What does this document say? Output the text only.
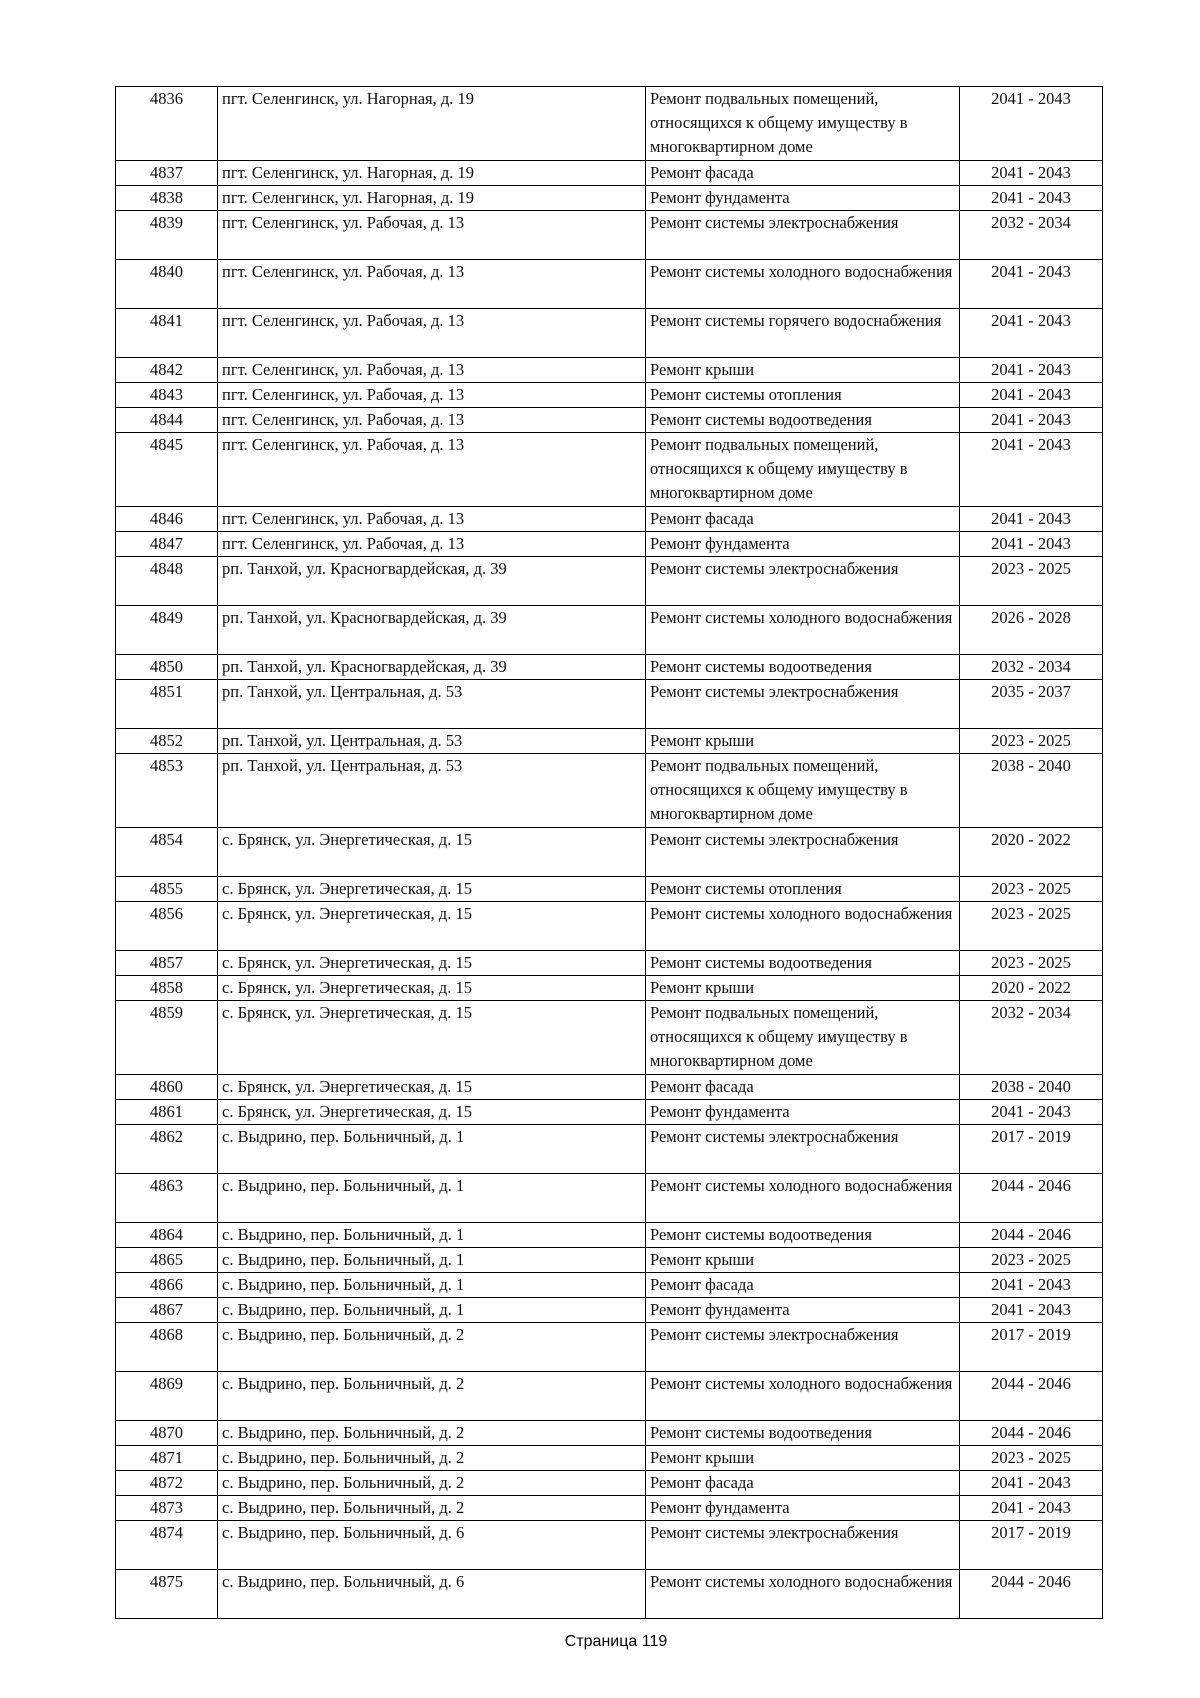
4836	пгт. Селенгинск, ул. Нагорная, д. 19	Ремонт подвальных помещений, относящихся к общему имуществу в многоквартирном доме	2041 - 2043
4837	пгт. Селенгинск, ул. Нагорная, д. 19	Ремонт фасада	2041 - 2043
4838	пгт. Селенгинск, ул. Нагорная, д. 19	Ремонт фундамента	2041 - 2043
4839	пгт. Селенгинск, ул. Рабочая, д. 13	Ремонт системы электроснабжения	2032 - 2034
4840	пгт. Селенгинск, ул. Рабочая, д. 13	Ремонт системы холодного водоснабжения	2041 - 2043
4841	пгт. Селенгинск, ул. Рабочая, д. 13	Ремонт системы горячего водоснабжения	2041 - 2043
4842	пгт. Селенгинск, ул. Рабочая, д. 13	Ремонт крыши	2041 - 2043
4843	пгт. Селенгинск, ул. Рабочая, д. 13	Ремонт системы отопления	2041 - 2043
4844	пгт. Селенгинск, ул. Рабочая, д. 13	Ремонт системы водоотведения	2041 - 2043
4845	пгт. Селенгинск, ул. Рабочая, д. 13	Ремонт подвальных помещений, относящихся к общему имуществу в многоквартирном доме	2041 - 2043
4846	пгт. Селенгинск, ул. Рабочая, д. 13	Ремонт фасада	2041 - 2043
4847	пгт. Селенгинск, ул. Рабочая, д. 13	Ремонт фундамента	2041 - 2043
4848	рп. Танхой, ул. Красногвардейская, д. 39	Ремонт системы электроснабжения	2023 - 2025
4849	рп. Танхой, ул. Красногвардейская, д. 39	Ремонт системы холодного водоснабжения	2026 - 2028
4850	рп. Танхой, ул. Красногвардейская, д. 39	Ремонт системы водоотведения	2032 - 2034
4851	рп. Танхой, ул. Центральная, д. 53	Ремонт системы электроснабжения	2035 - 2037
4852	рп. Танхой, ул. Центральная, д. 53	Ремонт крыши	2023 - 2025
4853	рп. Танхой, ул. Центральная, д. 53	Ремонт подвальных помещений, относящихся к общему имуществу в многоквартирном доме	2038 - 2040
4854	с. Брянск, ул. Энергетическая, д. 15	Ремонт системы электроснабжения	2020 - 2022
4855	с. Брянск, ул. Энергетическая, д. 15	Ремонт системы отопления	2023 - 2025
4856	с. Брянск, ул. Энергетическая, д. 15	Ремонт системы холодного водоснабжения	2023 - 2025
4857	с. Брянск, ул. Энергетическая, д. 15	Ремонт системы водоотведения	2023 - 2025
4858	с. Брянск, ул. Энергетическая, д. 15	Ремонт крыши	2020 - 2022
4859	с. Брянск, ул. Энергетическая, д. 15	Ремонт подвальных помещений, относящихся к общему имуществу в многоквартирном доме	2032 - 2034
4860	с. Брянск, ул. Энергетическая, д. 15	Ремонт фасада	2038 - 2040
4861	с. Брянск, ул. Энергетическая, д. 15	Ремонт фундамента	2041 - 2043
4862	с. Выдрино, пер. Больничный, д. 1	Ремонт системы электроснабжения	2017 - 2019
4863	с. Выдрино, пер. Больничный, д. 1	Ремонт системы холодного водоснабжения	2044 - 2046
4864	с. Выдрино, пер. Больничный, д. 1	Ремонт системы водоотведения	2044 - 2046
4865	с. Выдрино, пер. Больничный, д. 1	Ремонт крыши	2023 - 2025
4866	с. Выдрино, пер. Больничный, д. 1	Ремонт фасада	2041 - 2043
4867	с. Выдрино, пер. Больничный, д. 1	Ремонт фундамента	2041 - 2043
4868	с. Выдрино, пер. Больничный, д. 2	Ремонт системы электроснабжения	2017 - 2019
4869	с. Выдрино, пер. Больничный, д. 2	Ремонт системы холодного водоснабжения	2044 - 2046
4870	с. Выдрино, пер. Больничный, д. 2	Ремонт системы водоотведения	2044 - 2046
4871	с. Выдрино, пер. Больничный, д. 2	Ремонт крыши	2023 - 2025
4872	с. Выдрино, пер. Больничный, д. 2	Ремонт фасада	2041 - 2043
4873	с. Выдрино, пер. Больничный, д. 2	Ремонт фундамента	2041 - 2043
4874	с. Выдрино, пер. Больничный, д. 6	Ремонт системы электроснабжения	2017 - 2019
4875	с. Выдрино, пер. Больничный, д. 6	Ремонт системы холодного водоснабжения	2044 - 2046
Страница 119
